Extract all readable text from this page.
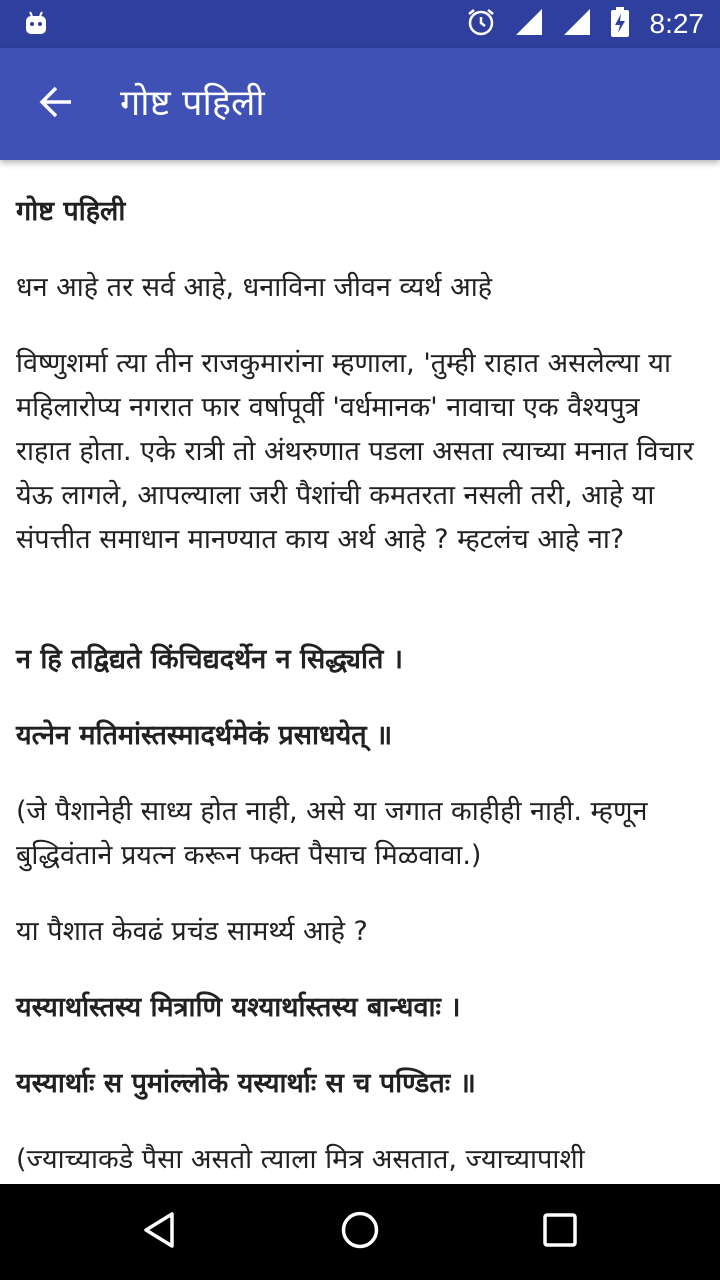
8:27
गोष्ट पहिली

गोष्ट पहिली

धन आहे तर सर्व आहे, धनाविना जीवन व्यर्थ आहे

विष्णुशर्मा त्या तीन राजकुमारांना म्हणाला, 'तुम्ही राहात असलेल्या या महिलारोप्य नगरात फार वर्षापूर्वी 'वर्धमानक' नावाचा एक वैश्यपुत्र राहात होता. एके रात्री तो अंथरुणात पडला असता त्याच्या मनात विचार येऊ लागले, आपल्याला जरी पैशांची कमतरता नसली तरी, आहे या संपत्तीत समाधान मानण्यात काय अर्थ आहे ? म्हटलंच आहे ना?

न हि तद्विद्यते किंचिद्यदर्थेन न सिद्ध्यति ।

यत्नेन मतिमांस्तस्मादर्थमेकं प्रसाधयेत् ॥

(जे पैशानेही साध्य होत नाही, असे या जगात काहीही नाही. म्हणून बुद्धिवंताने प्रयत्न करून फक्त पैसाच मिळवावा.)

या पैशात केवढं प्रचंड सामर्थ्य आहे ?

यस्यार्थास्तस्य मित्राणि यश्यार्थास्तस्य बान्धवाः ।

यस्यार्थाः स पुमांल्लोके यस्यार्थाः स च पण्डितः ॥

(ज्याच्याकडे पैसा असतो त्याला मित्र असतात, ज्याच्यापाशी
